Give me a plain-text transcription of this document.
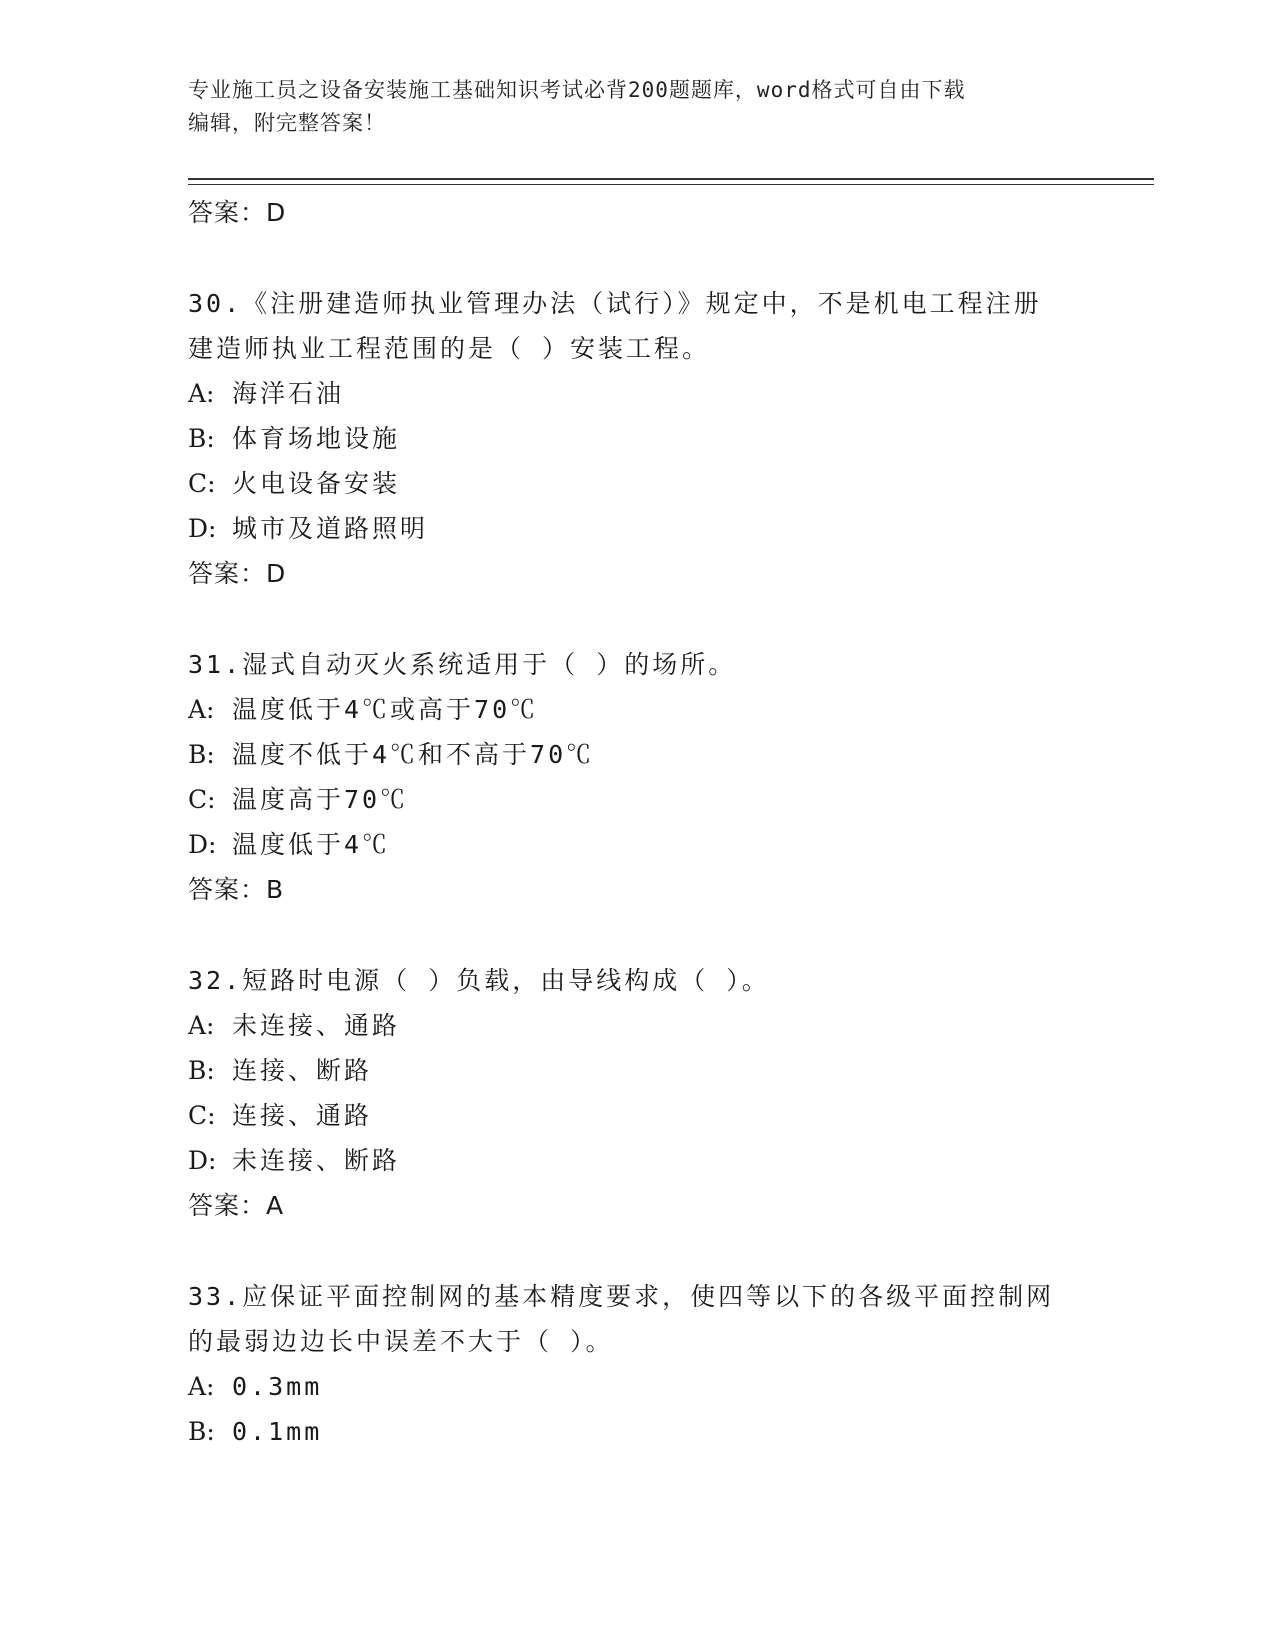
专业施工员之设备安装施工基础知识考试必背200题题库，word格式可自由下载
编辑，附完整答案！
答案：D
30.《注册建造师执业管理办法（试行）》规定中，不是机电工程注册
建造师执业工程范围的是（ ）安装工程。
A: 海洋石油
B: 体育场地设施
C: 火电设备安装
D: 城市及道路照明
答案：D
31.湿式自动灭火系统适用于（ ）的场所。
A: 温度低于4℃或高于70℃
B: 温度不低于4℃和不高于70℃
C: 温度高于70℃
D: 温度低于4℃
答案：B
32.短路时电源（ ）负载，由导线构成（ ）。
A: 未连接、通路
B: 连接、断路
C: 连接、通路
D: 未连接、断路
答案：A
33.应保证平面控制网的基本精度要求，使四等以下的各级平面控制网
的最弱边边长中误差不大于（ ）。
A: 0.3mm
B: 0.1mm
